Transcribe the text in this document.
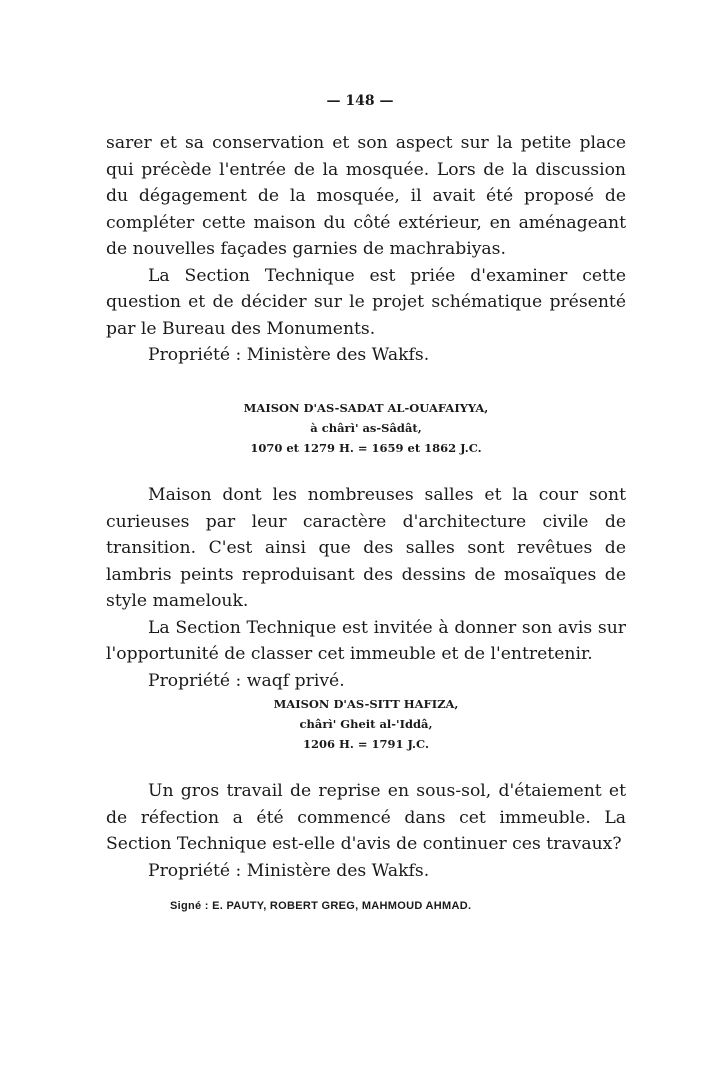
— 148 —

sarer et sa conservation et son aspect sur la petite place qui précède l'entrée de la mosquée. Lors de la discussion du dégagement de la mosquée, il avait été proposé de compléter cette maison du côté extérieur, en aménageant de nouvelles façades garnies de machrabiyas.

La Section Technique est priée d'examiner cette question et de décider sur le projet schématique présenté par le Bureau des Monuments.

Propriété : Ministère des Wakfs.

MAISON D'AS-SADAT AL-OUAFAIYYA,
à chârì' as-Sâdât,
1070 et 1279 H. = 1659 et 1862 J.C.

Maison dont les nombreuses salles et la cour sont curieuses par leur caractère d'architecture civile de transition. C'est ainsi que des salles sont revêtues de lambris peints reproduisant des dessins de mosaïques de style mamelouk.

La Section Technique est invitée à donner son avis sur l'opportunité de classer cet immeuble et de l'entretenir.

Propriété : waqf privé.

MAISON D'AS-SITT HAFIZA,
chârì' Gheit al-'Iddâ,
1206 H. = 1791 J.C.

Un gros travail de reprise en sous-sol, d'étaiement et de réfection a été commencé dans cet immeuble. La Section Technique est-elle d'avis de continuer ces travaux?

Propriété : Ministère des Wakfs.

Signé : E. PAUTY, ROBERT GREG, MAHMOUD AHMAD.
